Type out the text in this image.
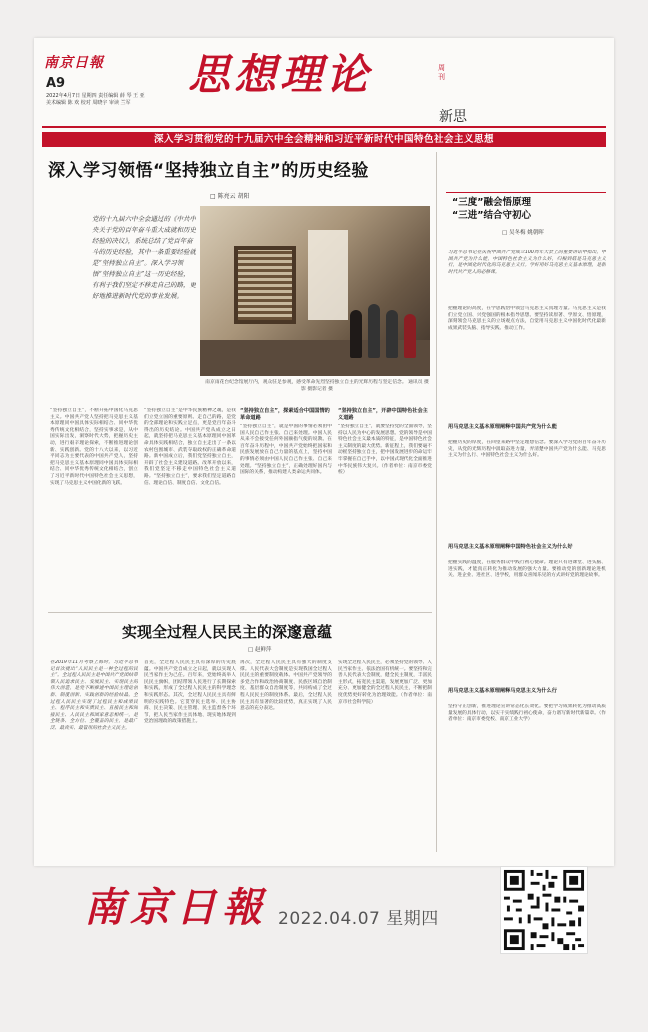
南京日報
A9
2022年4月7日 星期四 责任编辑 薛 琴 王 亚 美术编辑 陈 欢 校对 周晓宇 审读 兰军
思想理论	周刊
新思
深入学习贯彻党的十九届六中全会精神和习近平新时代中国特色社会主义思想
深入学习领悟“坚持独立自主”的历史经验
□ 陈亮云 胡阳
党的十九届六中全会通过的《中共中央关于党的百年奋斗重大成就和历史经验的决议》，系统总结了党百年奋斗的历史经验，其中一条重要经验就是“坚持独立自主”。深入学习领悟“坚持独立自主”这一历史经验，有利于我们坚定不移走自己的路，更好地推进新时代党的事业发展。
南京雨花台纪念馆展厅内，观众驻足参观，感受革命先烈坚持独立自主的光辉历程与坚定信念。 通讯员 摄影 摄影记者 摄
“坚持独立自主”，不断开拓中国化马克思主义。中国共产党人坚持把马克思主义基本原理同中国具体实际相结合、同中华优秀传统文化相结合，坚持实事求是，从中国实际出发，洞察时代大势，把握历史主动，进行艰辛理论探索，不断推进理论创新、实践创新。党的十八大以来，以习近平同志为主要代表的中国共产党人，坚持把马克思主义基本原理同中国具体实际相结合、同中华优秀传统文化相结合，创立了习近平新时代中国特色社会主义思想，实现了马克思主义中国化新的飞跃。
“坚持独立自主”是中华民族精神之魂，是我们立党立国的重要原则。走自己的路，是党的全部理论和实践立足点，更是党百年奋斗得出的历史结论。中国共产党从成立之日起，就坚持把马克思主义基本原理同中国革命具体实践相结合，独立自主走出了一条以农村包围城市、武装夺取政权的正确革命道路。新中国成立后，我们党坚持独立自主，开辟了社会主义建设道路。改革开放以来，我们党坚定不移走中国特色社会主义道路。“坚持独立自主”，要求我们坚定道路自信、理论自信、制度自信、文化自信。
“坚持独立自主”，探索适合中国国情的革命道路
“坚持独立自主”，就是中国的事情必须由中国人民自己作主张、自己来处理。中国人民从来不会接受任何外国颐指气使的说教。在百年奋斗历程中，中国共产党始终把国家和民族发展放在自己力量的基点上，坚持中国的事情必须由中国人民自己作主张、自己来处理。“坚持独立自主”，正确处理好国内与国际的关系，推动构建人类命运共同体。
“坚持独立自主”，开辟中国特色社会主义道路
“坚持独立自主”，就要坚持党的全面领导，坚持以人民为中心的发展思想。党的领导是中国特色社会主义最本质的特征，是中国特色社会主义制度的最大优势。新征程上，我们要毫不动摇坚持独立自主，把中国发展进步的命运牢牢掌握在自己手中，以中国式现代化全面推进中华民族伟大复兴。（作者单位：南京市委党校）
实现全过程人民民主的深邃意蕴
□ 赵鲜萍
在2019年11月考察上海时，习近平总书记首次提出“人民民主是一种全过程的民主”。全过程人民民主是中国共产党团结带领人民追求民主、发展民主、实现民主的伟大创造，是党不断推进中国民主理论创新、制度创新、实践创新的经验结晶。全过程人民民主实现了过程民主和成果民主、程序民主和实质民主、直接民主和间接民主、人民民主和国家意志相统一，是全链条、全方位、全覆盖的民主，是最广泛、最真实、最管用的社会主义民主。
首先，全过程人民民主具有深厚的历史底蕴。中国共产党自成立之日起，就以实现人民当家作主为己任。百年来，党始终高举人民民主旗帜，团结带领人民进行了长期探索和实践，形成了全过程人民民主的科学理念和实践形态。其次，全过程人民民主具有鲜明的实践特色。它贯穿民主选举、民主协商、民主决策、民主管理、民主监督各个环节，把人民当家作主具体地、现实地体现到党治国理政的政策措施上。
再次，全过程人民民主具有强大的制度支撑。人民代表大会制度是实现我国全过程人民民主的重要制度载体。中国共产党领导的多党合作和政治协商制度、民族区域自治制度、基层群众自治制度等，共同构成了全过程人民民主的制度体系。最后，全过程人民民主具有显著的比较优势，真正实现了人民意志的充分表达。
实现全过程人民民主，必须坚持党的领导、人民当家作主、依法治国有机统一。要坚持和完善人民代表大会制度，健全民主制度，丰富民主形式，拓宽民主渠道，发展更加广泛、更加充分、更加健全的全过程人民民主，不断把制度优势更好转化为治理效能。（作者单位：南京市社会科学院）
“三度”融会悟原理
“三进”结合守初心
□ 吴冬梅 姚朝晖
习近平总书记在庆祝中国共产党成立100周年大会上的重要讲话中指出，中国共产党为什么能，中国特色社会主义为什么好，归根到底是马克思主义行，是中国化时代化的马克思主义行。学好用好马克思主义基本原理，是新时代共产党人的必修课。
把握理论的高度，在学思践悟中领会马克思主义真理力量。马克思主义是我们立党立国、兴党强国的根本指导思想。要坚持读原著、学原文、悟原理，深刻领会马克思主义的立场观点方法，自觉用马克思主义中国化时代化最新成果武装头脑、指导实践、推动工作。
用马克思主义基本原理阐释中国共产党为什么能
把握历史的厚度，在回望来路中坚定理想信念。要深入学习党的百年奋斗历史，从党的光辉历程中汲取奋进力量，弄清楚中国共产党为什么能、马克思主义为什么行、中国特色社会主义为什么好。
用马克思主义基本原理阐释中国特色社会主义为什么好
把握实践的温度，在服务群众中践行初心使命。理论只有进课堂、进头脑、进实践，才能真正转化为推动发展的强大力量。要推动党的创新理论进机关、进企业、进社区、进学校，用群众喜闻乐见的方式讲好党的理论故事。
用马克思主义基本原理阐释马克思主义为什么行
坚持守正创新，推进理论宣讲常态化长效化。要把学习成果转化为推动高质量发展的具体行动，以实干实绩践行初心使命，奋力谱写新时代新篇章。（作者单位：南京市委党校、南京工业大学）
南京日報 2022.04.07 星期四
